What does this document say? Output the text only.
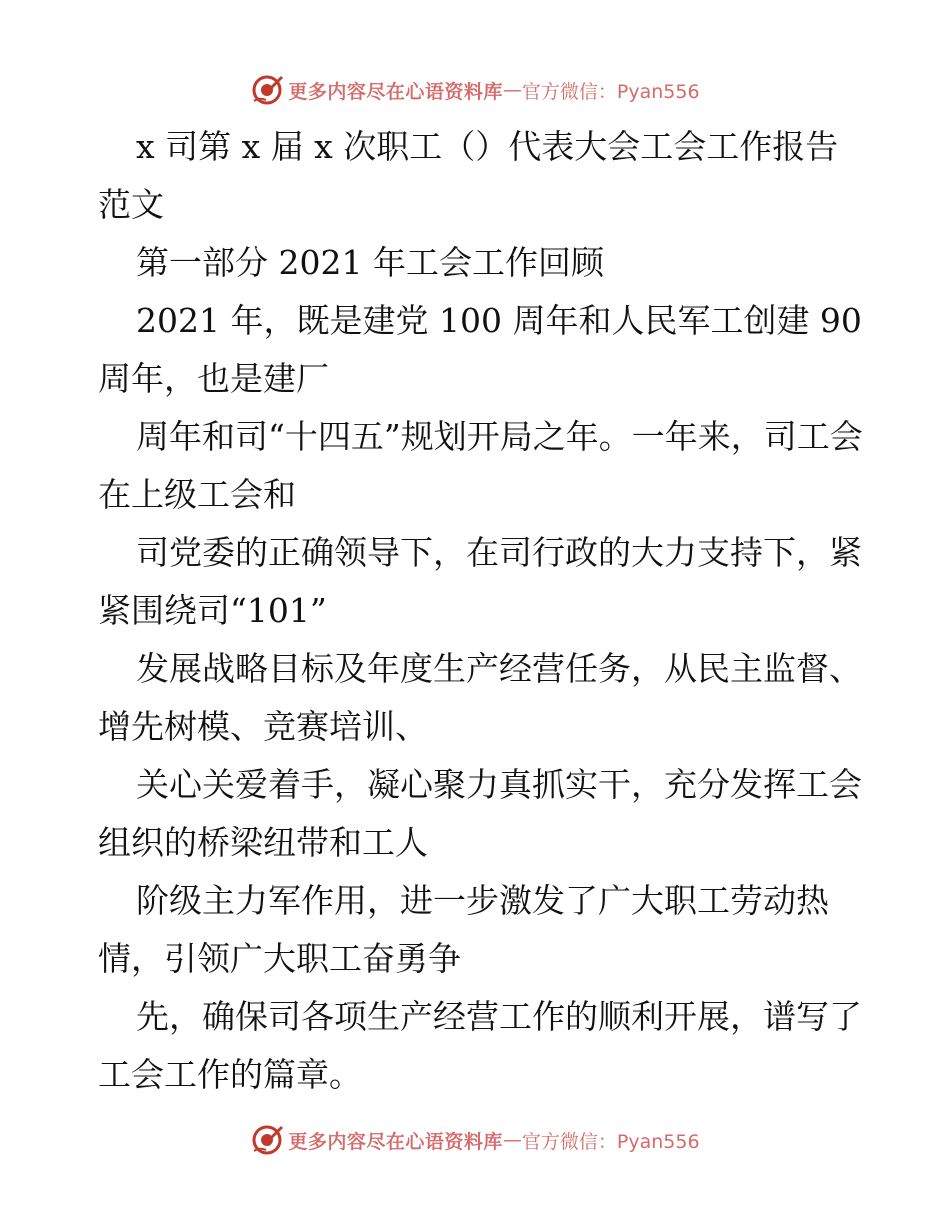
更多内容尽在心语资料库 — 官方微信：Pyan556

x 司第 x 届 x 次职工（）代表大会工会工作报告范文

第一部分 2021 年工会工作回顾

2021 年，既是建党 100 周年和人民军工创建 90 周年，也是建厂

周年和司“十四五”规划开局之年。一年来，司工会在上级工会和

司党委的正确领导下，在司行政的大力支持下，紧紧围绕司“101”

发展战略目标及年度生产经营任务，从民主监督、增先树模、竞赛培训、

关心关爱着手，凝心聚力真抓实干，充分发挥工会组织的桥梁纽带和工人

阶级主力军作用，进一步激发了广大职工劳动热情，引领广大职工奋勇争

先，确保司各项生产经营工作的顺利开展，谱写了工会工作的篇章。

更多内容尽在心语资料库 — 官方微信：Pyan556
